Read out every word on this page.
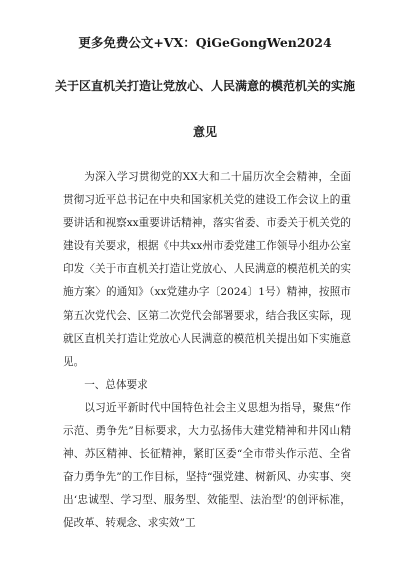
更多免费公文+VX：QiGeGongWen2024
关于区直机关打造让党放心、人民满意的模范机关的实施
意见

为深入学习贯彻党的XX大和二十届历次全会精神，全面贯彻习近平总书记在中央和国家机关党的建设工作会议上的重要讲话和视察xx重要讲话精神，落实省委、市委关于机关党的建设有关要求，根据《中共xx州市委党建工作领导小组办公室印发〈关于市直机关打造让党放心、人民满意的模范机关的实施方案〉的通知》（xx党建办字〔2024〕1号）精神，按照市第五次党代会、区第二次党代会部署要求，结合我区实际，现就区直机关打造让党放心人民满意的模范机关提出如下实施意见。

一、总体要求

以习近平新时代中国特色社会主义思想为指导，聚焦“作示范、勇争先”目标要求，大力弘扬伟大建党精神和井冈山精神、苏区精神、长征精神，紧盯区委“全市带头作示范、全省奋力勇争先”的工作目标，坚持“强党建、树新风、办实事、突出‘忠诚型、学习型、服务型、效能型、法治型’的创评标准，促改革、转观念、求实效”工
